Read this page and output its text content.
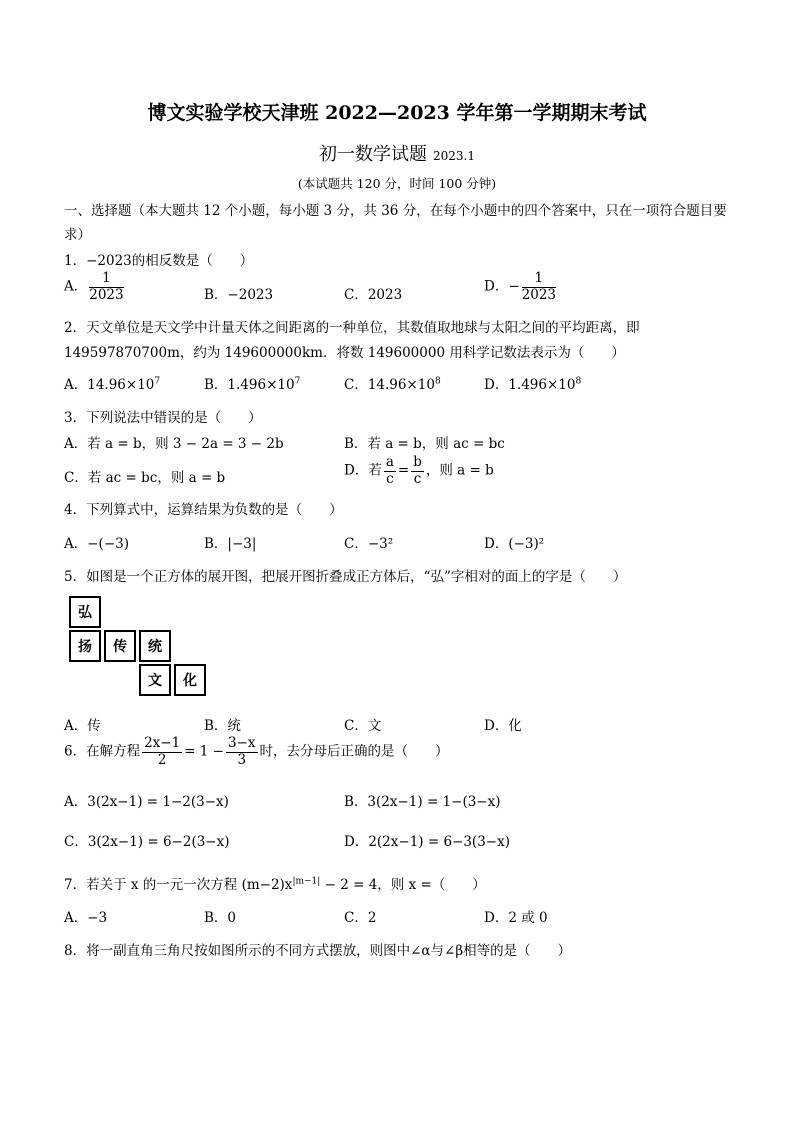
博文实验学校天津班 2022—2023 学年第一学期期末考试
初一数学试题 2023.1
(本试题共 120 分，时间 100 分钟)
一、选择题（本大题共 12 个小题，每小题 3 分，共 36 分，在每个小题中的四个答案中，只在一项符合题目要
求）
1．−2023的相反数是（　　）
A． $\frac{1}{2023}$	B．−2023	C．2023
D．− $\frac{1}{2023}$
2．天文单位是天文学中计量天体之间距离的一种单位，其数值取地球与太阳之间的平均距离，即
149597870700m，约为 149600000km．将数 149600000 用科学记数法表示为（　　）
A．$14.96\times 10^7$	B．$1.496\times 10^7$	C．$14.96\times 10^8$	D．$1.496\times 10^8$
3．下列说法中错误的是（　　）
A．若 a = b，则 3 − 2a = 3 − 2b	B．若 a = b，则 ac = bc
C．若 ac = bc，则 a = b	D．若 $\frac{a}{c} = \frac{b}{c}$ ，则 a = b
4．下列算式中，运算结果为负数的是（　　）
A．−(−3)	B．|−3|	C．−3²	D．(−3)²
5．如图是一个正方体的展开图，把展开图折叠成正方体后，“弘”字相对的面上的字是（　　）
弘
扬	传	统
文	化
A．传	B．统	C．文	D．化
6．在解方程 $\frac{2x-1}{2} = 1 - \frac{3-x}{3}$ 时，去分母后正确的是（　　）
A．3(2x−1) = 1−2(3−x)	B．3(2x−1) = 1−(3−x)
C．3(2x−1) = 6−2(3−x)	D．2(2x−1) = 6−3(3−x)
7．若关于 x 的一元一次方程 $(m-2)x^{|m-1|} - 2 = 4$，则 x =（　　）
A．−3	B．0	C．2	D．2 或 0
8．将一副直角三角尺按如图所示的不同方式摆放，则图中∠α与∠β相等的是（　　）
